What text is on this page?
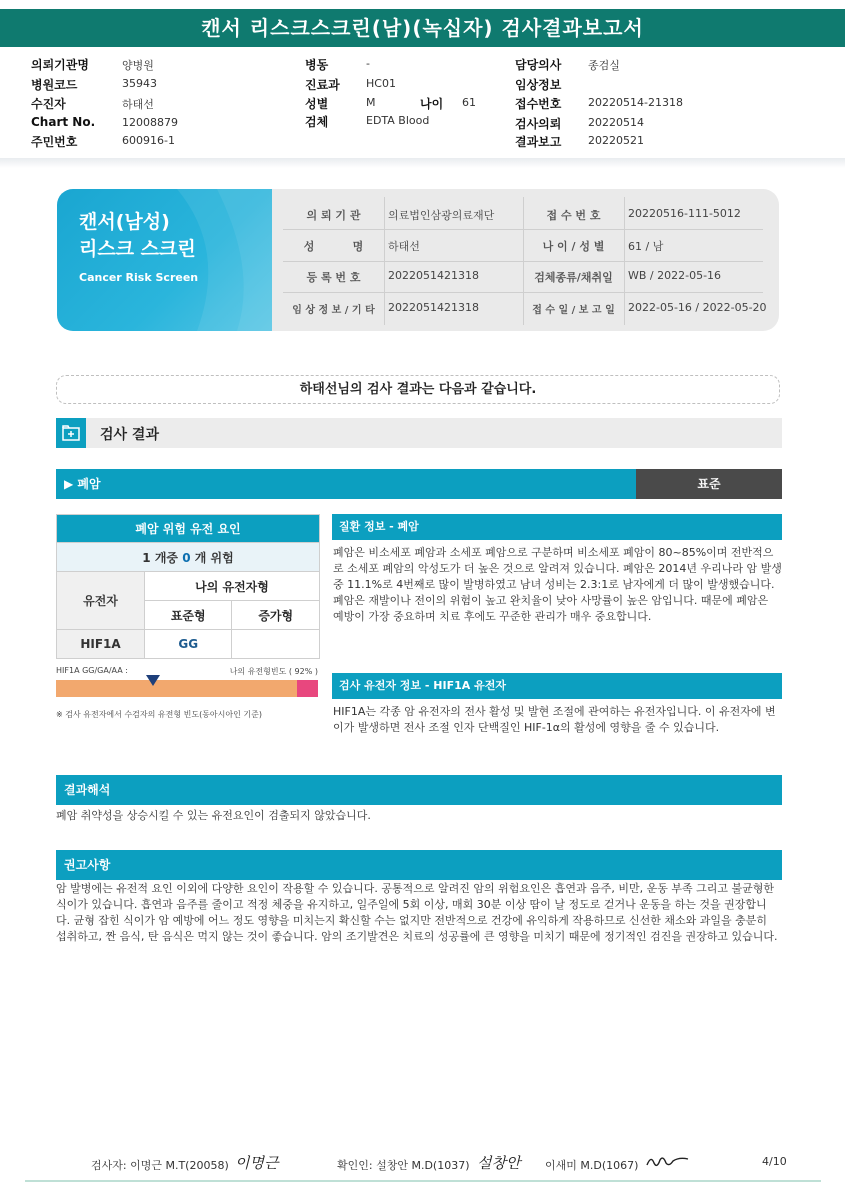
캔서 리스크스크린(남)(녹십자) 검사결과보고서
의뢰기관명	양병원
병원코드	35943
수진자	하태선
Chart No. 12008879
주민번호	600916-1
병동	-
진료과 HC01
성별	M	나이 61
검체	EDTA Blood
담당의사 종검실
임상정보
접수번호 20220514-21318
검사의뢰 20220514
결과보고 20220521
캔서(남성)
리스크 스크린
Cancer Risk Screen
의 뢰 기 관	의료법인삼광의료재단	접 수 번 호	20220516-111-5012
성          명	하태선	나 이 / 성 별	61 / 남
등 록 번 호	2022051421318	검체종류/채취일	WB / 2022-05-16
임 상 정 보 / 기 타	2022051421318	접 수 일 / 보 고 일	2022-05-16 / 2022-05-20
하태선님의 검사 결과는 다음과 같습니다.
검사 결과
▶ 폐암	표준
폐암 위험 유전 요인		
1 개중 0 개 위험		
유전자	나의 유전자형	
	표준형	증가형
HIF1A	GG	
HIF1A GG/GA/AA :	나의 유전형빈도 ( 92% )
※ 검사 유전자에서 수검자의 유전형 빈도(동아시아인 기준)
질환 정보 - 폐암
폐암은 비소세포 폐암과 소세포 폐암으로 구분하며 비소세포 폐암이 80~85%이며 전반적으로 소세포 폐암의 악성도가 더 높은 것으로 알려져 있습니다. 폐암은 2014년 우리나라 암 발생중 11.1%로 4번째로 많이 발병하였고 남녀 성비는 2.3:1로 남자에게 더 많이 발생했습니다. 폐암은 재발이나 전이의 위험이 높고 완치율이 낮아 사망률이 높은 암입니다. 때문에 폐암은 예방이 가장 중요하며 치료 후에도 꾸준한 관리가 매우 중요합니다.
검사 유전자 정보 - HIF1A 유전자
HIF1A는 각종 암 유전자의 전사 활성 및 발현 조절에 관여하는 유전자입니다. 이 유전자에 변이가 발생하면 전사 조절 인자 단백질인 HIF-1α의 활성에 영향을 줄 수 있습니다.
결과해석
폐암 취약성을 상승시킬 수 있는 유전요인이 검출되지 않았습니다.
권고사항
암 발병에는 유전적 요인 이외에 다양한 요인이 작용할 수 있습니다. 공통적으로 알려진 암의 위험요인은 흡연과 음주, 비만, 운동 부족 그리고 불균형한 식이가 있습니다. 흡연과 음주를 줄이고 적정 체중을 유지하고, 일주일에 5회 이상, 매회 30분 이상 땀이 날 정도로 걷거나 운동을 하는 것을 권장합니다. 균형 잡힌 식이가 암 예방에 어느 정도 영향을 미치는지 확신할 수는 없지만 전반적으로 건강에 유익하게 작용하므로 신선한 채소와 과일을 충분히 섭취하고, 짠 음식, 탄 음식은 먹지 않는 것이 좋습니다. 암의 조기발견은 치료의 성공률에 큰 영향을 미치기 때문에 정기적인 검진을 권장하고 있습니다.
검사자: 이명근 M.T(20058) 이명근	확인인: 설창안 M.D(1037) 설창안 이새미 M.D(1067)	4/10
